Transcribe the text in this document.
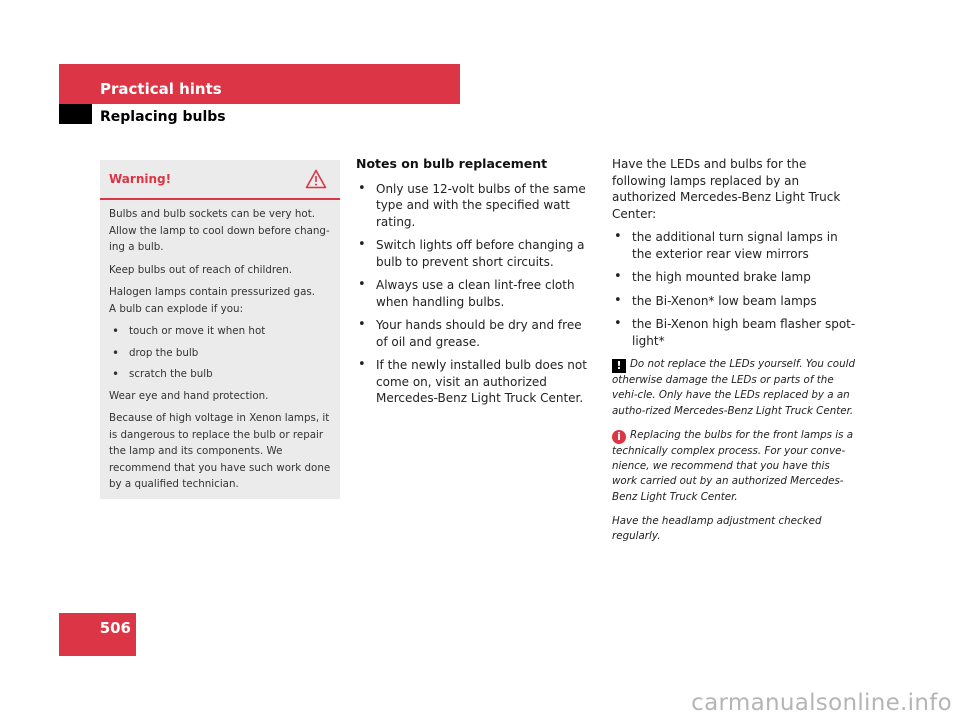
Practical hints
Replacing bulbs
Warning!

Bulbs and bulb sockets can be very hot. Allow the lamp to cool down before chang-ing a bulb.

Keep bulbs out of reach of children.

Halogen lamps contain pressurized gas.
A bulb can explode if you:

• touch or move it when hot
• drop the bulb
• scratch the bulb

Wear eye and hand protection.

Because of high voltage in Xenon lamps, it is dangerous to replace the bulb or repair the lamp and its components. We recommend that you have such work done by a qualified technician.

Notes on bulb replacement
• Only use 12-volt bulbs of the same type and with the specified watt rating.
• Switch lights off before changing a bulb to prevent short circuits.
• Always use a clean lint-free cloth when handling bulbs.
• Your hands should be dry and free of oil and grease.
• If the newly installed bulb does not come on, visit an authorized Mercedes-Benz Light Truck Center.

Have the LEDs and bulbs for the following lamps replaced by an authorized Mercedes-Benz Light Truck Center:

• the additional turn signal lamps in the exterior rear view mirrors
• the high mounted brake lamp
• the Bi-Xenon* low beam lamps
• the Bi-Xenon high beam flasher spot-light*

! Do not replace the LEDs yourself. You could otherwise damage the LEDs or parts of the vehi-cle. Only have the LEDs replaced by a an autho-rized Mercedes-Benz Light Truck Center.

i Replacing the bulbs for the front lamps is a technically complex process. For your conve-nience, we recommend that you have this work carried out by an authorized Mercedes-Benz Light Truck Center.

Have the headlamp adjustment checked regularly.

506
carmanualsonline.info
